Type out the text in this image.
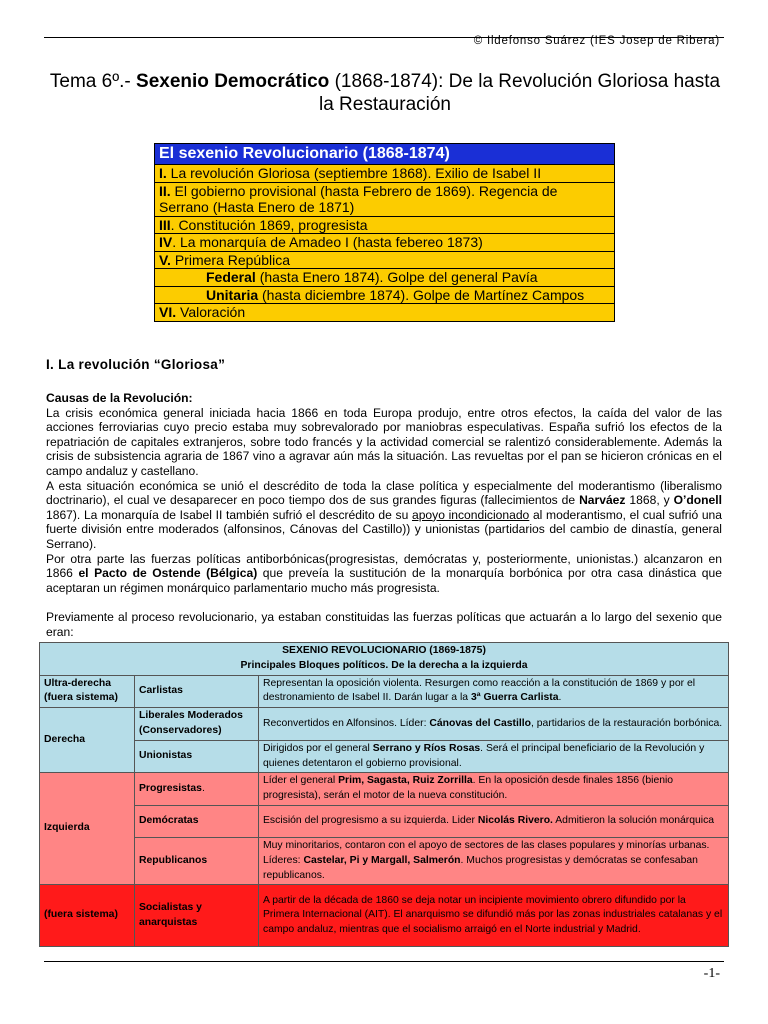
© Ildefonso Suárez (IES Josep de Ribera)
Tema 6º.- Sexenio Democrático (1868-1874): De la Revolución Gloriosa hasta la Restauración
El sexenio Revolucionario (1868-1874)
I. La revolución Gloriosa (septiembre 1868). Exilio de Isabel II
II. El gobierno provisional (hasta Febrero de 1869). Regencia de Serrano (Hasta Enero de 1871)
III. Constitución 1869, progresista
IV. La monarquía de Amadeo I (hasta febereo 1873)
V. Primera República
Federal (hasta Enero 1874). Golpe del general Pavía
Unitaria (hasta diciembre 1874). Golpe de Martínez Campos
VI. Valoración
I. La revolución “Gloriosa”

Causas de la Revolución:

La crisis económica general iniciada hacia 1866 en toda Europa produjo, entre otros efectos, la caída del valor de las acciones ferroviarias cuyo precio estaba muy sobrevalorado por maniobras especulativas. España sufrió los efectos de la repatriación de capitales extranjeros, sobre todo francés y la actividad comercial se ralentizó considerablemente. Además la crisis de subsistencia agraria de 1867 vino a agravar aún más la situación. Las revueltas por el pan se hicieron crónicas en el campo andaluz y castellano.

A esta situación económica se unió el descrédito de toda la clase política y especialmente del moderantismo (liberalismo doctrinario), el cual ve desaparecer en poco tiempo dos de sus grandes figuras (fallecimientos de Narváez 1868, y O’donell 1867). La monarquía de Isabel II también sufrió el descrédito de su apoyo incondicionado al moderantismo, el cual sufrió una fuerte división entre moderados (alfonsinos, Cánovas del Castillo)) y unionistas (partidarios del cambio de dinastía, general Serrano).

Por otra parte las fuerzas políticas antiborbónicas(progresistas, demócratas y, posteriormente, unionistas.) alcanzaron en 1866 el Pacto de Ostende (Bélgica) que preveía la sustitución de la monarquía borbónica por otra casa dinástica que aceptaran un régimen monárquico parlamentario mucho más progresista.

Previamente al proceso revolucionario, ya estaban constituidas las fuerzas políticas que actuarán a lo largo del sexenio que eran:

SEXENIO REVOLUCIONARIO (1869-1875)
Principales Bloques políticos. De la derecha a la izquierda		

Ultra-derecha (fuera sistema)	Carlistas	Representan la oposición violenta. Resurgen como reacción a la constitución de 1869 y por el destronamiento de Isabel II. Darán lugar a la 3ª Guerra Carlista.
Derecha	Liberales Moderados (Conservadores)	Reconvertidos en Alfonsinos. Líder: Cánovas del Castillo, partidarios de la restauración borbónica.
	Unionistas	Dirigidos por el general Serrano y Ríos Rosas. Será el principal beneficiario de la Revolución y quienes detentaron el gobierno provisional.
Izquierda	Progresistas.	Líder el general Prim, Sagasta, Ruiz Zorrilla. En la oposición desde finales 1856 (bienio progresista), serán el motor de la nueva constitución.
	Demócratas	Escisión del progresismo a su izquierda. Lider Nicolás Rivero. Admitieron la solución monárquica
	Republicanos	Muy minoritarios, contaron con el apoyo de sectores de las clases populares y minorías urbanas. Líderes: Castelar, Pi y Margall, Salmerón. Muchos progresistas y demócratas se confesaban republicanos.
(fuera sistema)	Socialistas y anarquistas	A partir de la década de 1860 se deja notar un incipiente movimiento obrero difundido por la Primera Internacional (AIT). El anarquismo se difundió más por las zonas industriales catalanas y el campo andaluz, mientras que el socialismo arraigó en el Norte industrial y Madrid.
-1-
